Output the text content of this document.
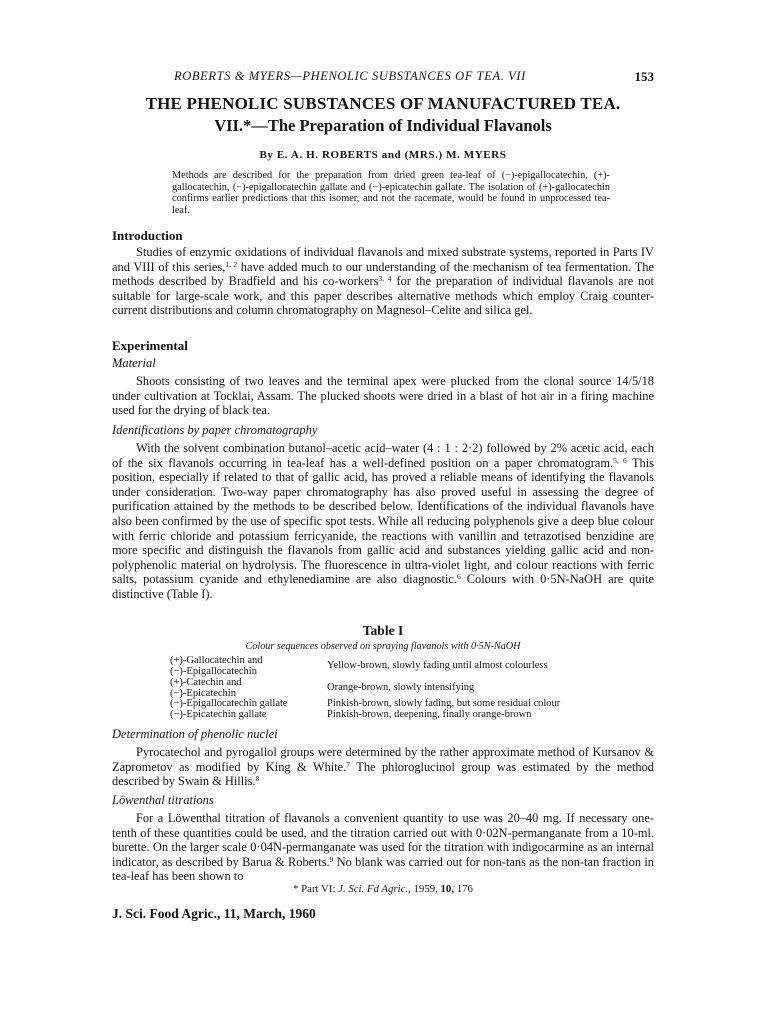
ROBERTS & MYERS—PHENOLIC SUBSTANCES OF TEA. VII	153
THE PHENOLIC SUBSTANCES OF MANUFACTURED TEA.
VII.*—The Preparation of Individual Flavanols
By E. A. H. ROBERTS and (MRS.) M. MYERS
Methods are described for the preparation from dried green tea-leaf of (−)-epigallocatechin, (+)-gallocatechin, (−)-epigallocatechin gallate and (−)-epicatechin gallate. The isolation of (+)-gallocatechin confirms earlier predictions that this isomer, and not the racemate, would be found in unprocessed tea-leaf.
Introduction
Studies of enzymic oxidations of individual flavanols and mixed substrate systems, reported in Parts IV and VIII of this series,$^{1, 2}$ have added much to our understanding of the mechanism of tea fermentation. The methods described by Bradfield and his co-workers$^{3, 4}$ for the preparation of individual flavanols are not suitable for large-scale work, and this paper describes alternative methods which employ Craig counter-current distributions and column chromatography on Magnesol–Celite and silica gel.
Experimental
Material
Shoots consisting of two leaves and the terminal apex were plucked from the clonal source 14/5/18 under cultivation at Tocklai, Assam. The plucked shoots were dried in a blast of hot air in a firing machine used for the drying of black tea.
Identifications by paper chromatography
With the solvent combination butanol–acetic acid–water (4 : 1 : 2·2) followed by 2% acetic acid, each of the six flavanols occurring in tea-leaf has a well-defined position on a paper chromatogram.$^{5, 6}$ This position, especially if related to that of gallic acid, has proved a reliable means of identifying the flavanols under consideration. Two-way paper chromatography has also proved useful in assessing the degree of purification attained by the methods to be described below. Identifications of the individual flavanols have also been confirmed by the use of specific spot tests. While all reducing polyphenols give a deep blue colour with ferric chloride and potassium ferricyanide, the reactions with vanillin and tetrazotised benzidine are more specific and distinguish the flavanols from gallic acid and substances yielding gallic acid and non-polyphenolic material on hydrolysis. The fluorescence in ultra-violet light, and colour reactions with ferric salts, potassium cyanide and ethylenediamine are also diagnostic.$^6$ Colours with 0·5N-NaOH are quite distinctive (Table I).
Table I
Colour sequences observed on spraying flavanols with 0·5N-NaOH
(+)-Gallocatechin and
(−)-Epigallocatechin	Yellow-brown, slowly fading until almost colourless
(+)-Catechin and
(−)-Epicatechin	Orange-brown, slowly intensifying
(−)-Epigallocatechin gallate	Pinkish-brown, slowly fading, but some residual colour
(−)-Epicatechin gallate	Pinkish-brown, deepening, finally orange-brown
Determination of phenolic nuclei
Pyrocatechol and pyrogallol groups were determined by the rather approximate method of Kursanov & Zaprometov as modified by King & White.$^7$ The phloroglucinol group was estimated by the method described by Swain & Hillis.$^8$
Löwenthal titrations
For a Löwenthal titration of flavanols a convenient quantity to use was 20–40 mg. If necessary one-tenth of these quantities could be used, and the titration carried out with 0·02N-permanganate from a 10-ml. burette. On the larger scale 0·04N-permanganate was used for the titration with indigocarmine as an internal indicator, as described by Barua & Roberts.$^9$ No blank was carried out for non-tans as the non-tan fraction in tea-leaf has been shown to
* Part VI: J. Sci. Fd Agric., 1959, 10, 176
J. Sci. Food Agric., 11, March, 1960
